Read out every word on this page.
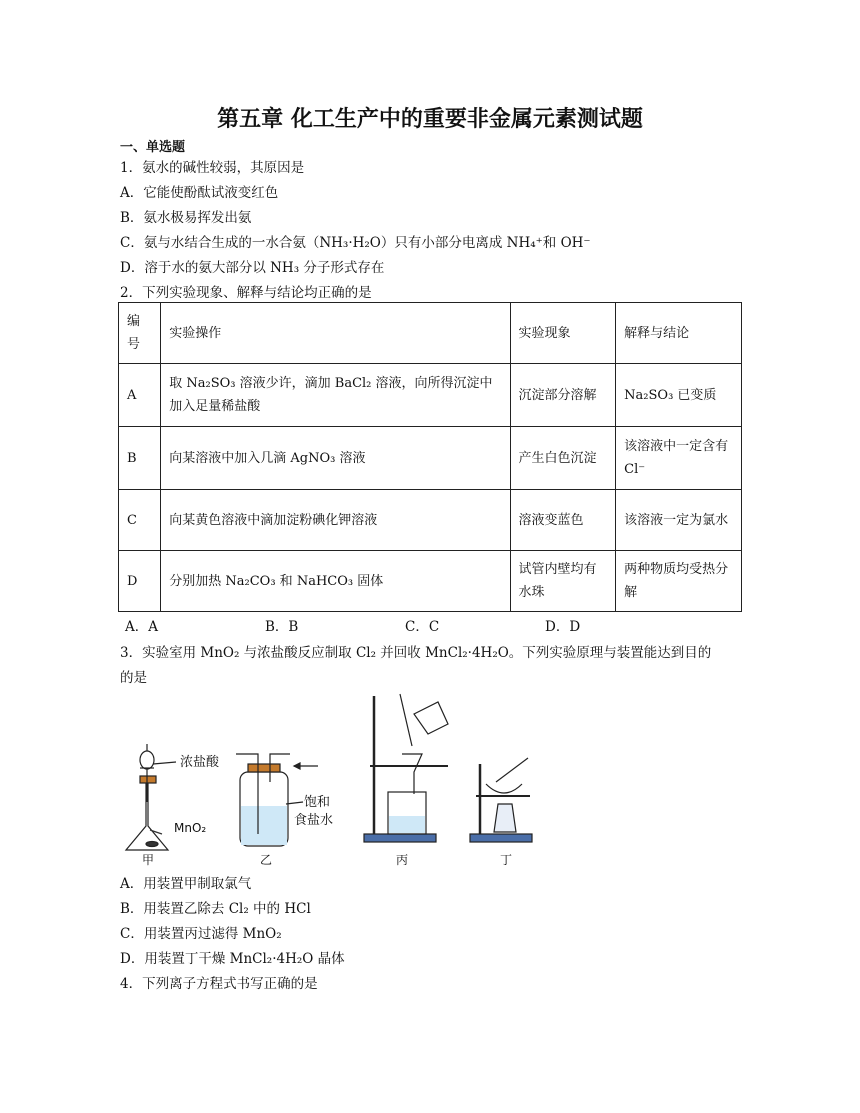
第五章 化工生产中的重要非金属元素测试题
一、单选题
1．氨水的碱性较弱，其原因是
A．它能使酚酞试液变红色
B．氨水极易挥发出氨
C．氨与水结合生成的一水合氨（NH₃·H₂O）只有小部分电离成 NH₄⁺和 OH⁻
D．溶于水的氨大部分以 NH₃ 分子形式存在
2．下列实验现象、解释与结论均正确的是
编号	实验操作	实验现象	解释与结论
A	取 Na₂SO₃ 溶液少许，滴加 BaCl₂ 溶液，向所得沉淀中加入足量稀盐酸	沉淀部分溶解	Na₂SO₃ 已变质
B	向某溶液中加入几滴 AgNO₃ 溶液	产生白色沉淀	该溶液中一定含有 Cl⁻
C	向某黄色溶液中滴加淀粉碘化钾溶液	溶液变蓝色	该溶液一定为氯水
D	分别加热 Na₂CO₃ 和 NaHCO₃ 固体	试管内壁均有水珠	两种物质均受热分解
A．A	B．B	C．C	D．D
3．实验室用 MnO₂ 与浓盐酸反应制取 Cl₂ 并回收 MnCl₂·4H₂O。下列实验原理与装置能达到目的
的是
浓盐酸
MnO₂
甲
饱和
食盐水
乙	丙	丁
A．用装置甲制取氯气
B．用装置乙除去 Cl₂ 中的 HCl
C．用装置丙过滤得 MnO₂
D．用装置丁干燥 MnCl₂·4H₂O 晶体
4．下列离子方程式书写正确的是
